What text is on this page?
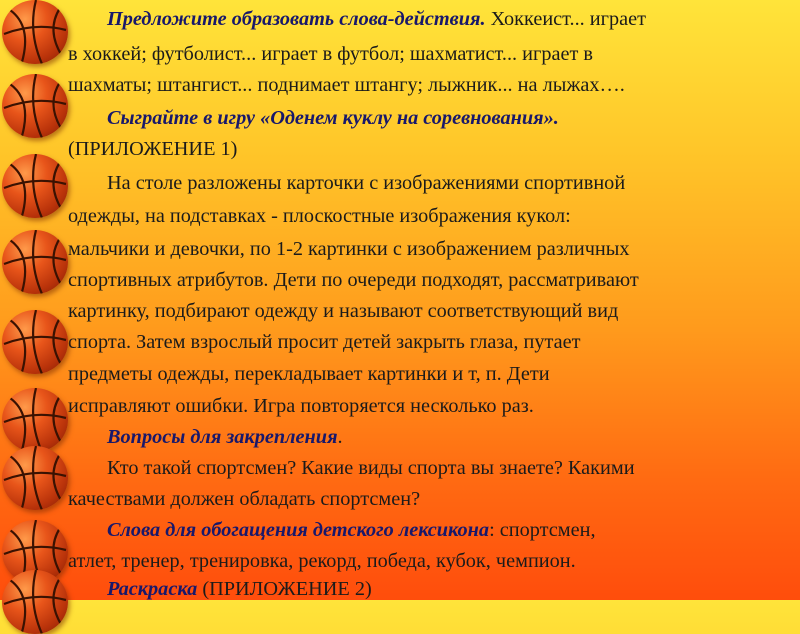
Предложите образовать слова-действия. Хоккеист... играет
в хоккей; футболист... играет в футбол; шахматист... играет в
шахматы; штангист... поднимает штангу; лыжник... на лыжах….
Сыграйте в игру «Оденем куклу на соревнования».
(ПРИЛОЖЕНИЕ 1)
На столе разложены карточки с изображениями спортивной
одежды, на подставках - плоскостные изображения кукол:
мальчики и девочки, по 1-2 картинки с изображением различных
спортивных атрибутов. Дети по очереди подходят, рассматривают
картинку, подбирают одежду и называют соответствующий вид
спорта. Затем взрослый просит детей закрыть глаза, путает
предметы одежды, перекладывает картинки и т, п. Дети
исправляют ошибки. Игра повторяется несколько раз.
Вопросы для закрепления.
Кто такой спортсмен? Какие виды спорта вы знаете? Какими
качествами должен обладать спортсмен?
Слова для обогащения детского лексикона: спортсмен,
атлет, тренер, тренировка, рекорд, победа, кубок, чемпион.
Раскраска (ПРИЛОЖЕНИЕ 2)
